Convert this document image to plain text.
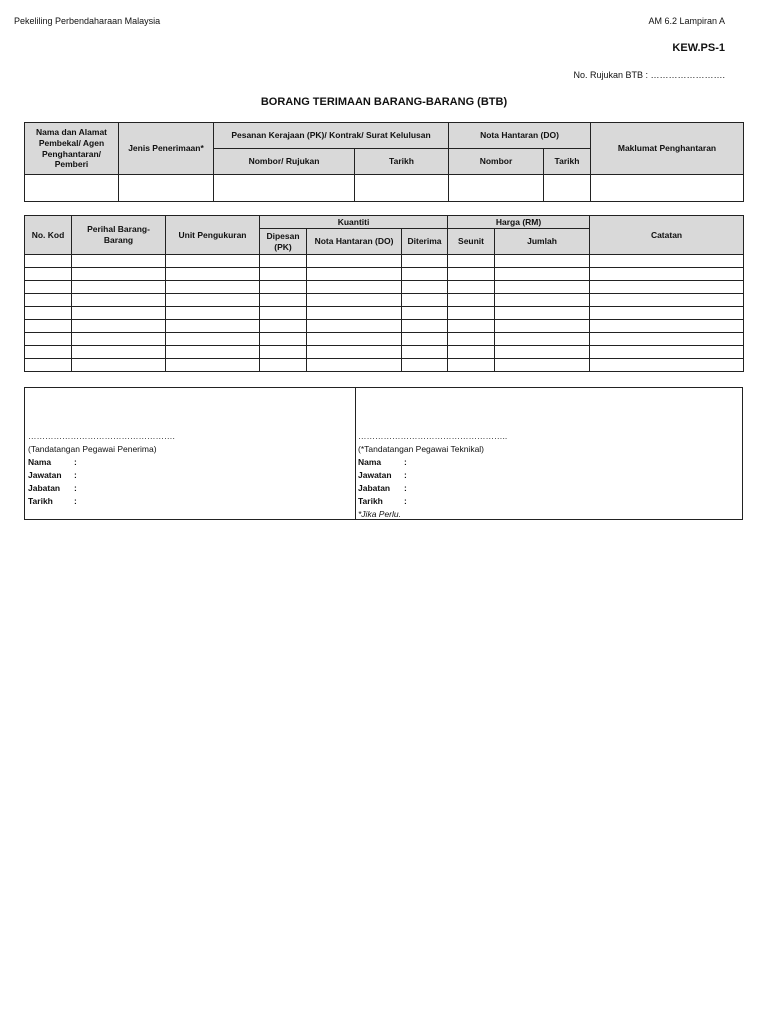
Pekeliling Perbendaharaan Malaysia	AM 6.2 Lampiran A
KEW.PS-1
No. Rujukan BTB : …………………….
BORANG TERIMAAN BARANG-BARANG (BTB)
Nama dan Alamat Pembekal/ Agen Penghantaran/ Pemberi	Jenis Penerimaan*	Pesanan Kerajaan (PK)/ Kontrak/ Surat Kelulusan		Nota Hantaran (DO)		Maklumat Penghantaran
		Nombor/ Rujukan	Tarikh	Nombor	Tarikh	

No. Kod	Perihal Barang-Barang	Unit Pengukuran	Kuantiti			Harga (RM)		Catatan
			Dipesan (PK)	Nota Hantaran (DO)	Diterima	Seunit	Jumlah	

…………………………………………….
(Tandatangan Pegawai Penerima)
Nama	:
Jawatan :
Jabatan :
Tarikh :
……………………………………………..
(*Tandatangan Pegawai Teknikal)
Nama	:
Jawatan :
Jabatan :
Tarikh :
*Jika Perlu.
